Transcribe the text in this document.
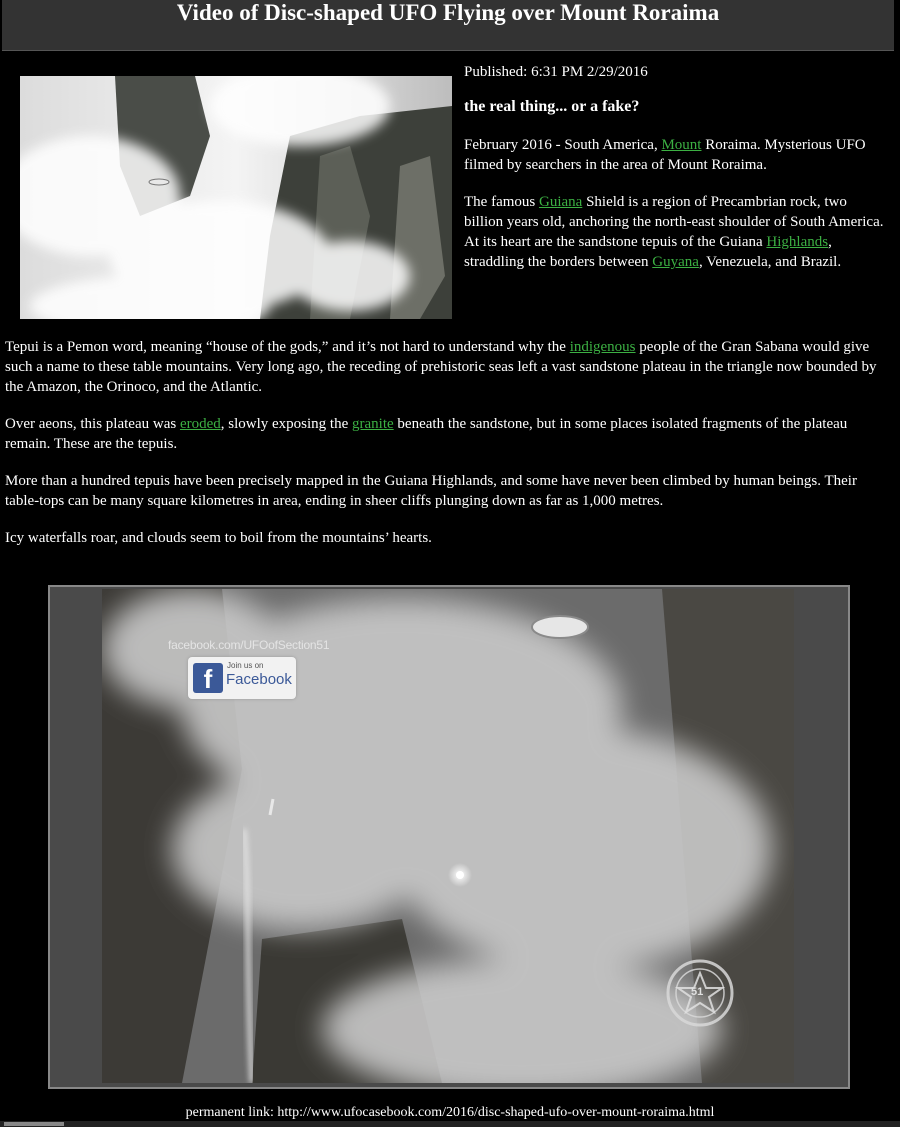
Video of Disc-shaped UFO Flying over Mount Roraima

Published: 6:31 PM 2/29/2016

the real thing... or a fake?

February 2016 - South America, Mount Roraima. Mysterious UFO filmed by searchers in the area of Mount Roraima.

The famous Guiana Shield is a region of Precambrian rock, two billion years old, anchoring the north-east shoulder of South America. At its heart are the sandstone tepuis of the Guiana Highlands, straddling the borders between Guyana, Venezuela, and Brazil.

Tepui is a Pemon word, meaning “house of the gods,” and it’s not hard to understand why the indigenous people of the Gran Sabana would give such a name to these table mountains. Very long ago, the receding of prehistoric seas left a vast sandstone plateau in the triangle now bounded by the Amazon, the Orinoco, and the Atlantic.

Over aeons, this plateau was eroded, slowly exposing the granite beneath the sandstone, but in some places isolated fragments of the plateau remain. These are the tepuis.

More than a hundred tepuis have been precisely mapped in the Guiana Highlands, and some have never been climbed by human beings. Their table-tops can be many square kilometres in area, ending in sheer cliffs plunging down as far as 1,000 metres.

Icy waterfalls roar, and clouds seem to boil from the mountains’ hearts.

facebook.com/UFOofSection51
f	Join us on
Facebook
51
permanent link: http://www.ufocasebook.com/2016/disc-shaped-ufo-over-mount-roraima.html
